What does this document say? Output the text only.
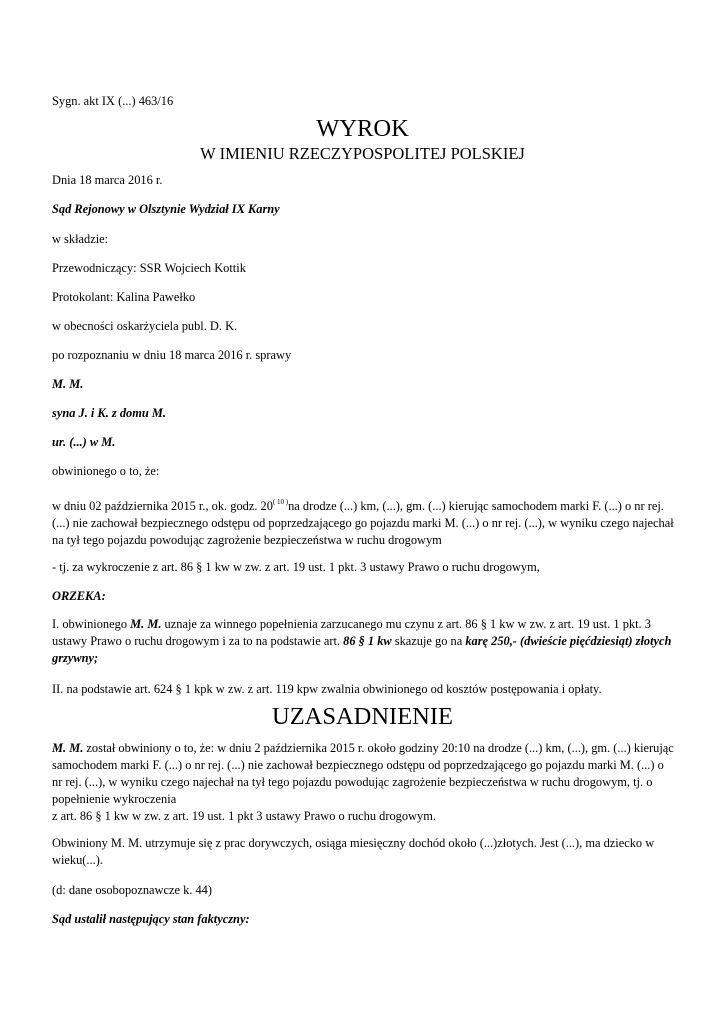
Sygn. akt IX (...) 463/16
WYROK
W IMIENIU RZECZYPOSPOLITEJ POLSKIEJ
Dnia 18 marca 2016 r.
Sąd Rejonowy w Olsztynie Wydział IX Karny
w składzie:
Przewodniczący: SSR Wojciech Kottik
Protokolant: Kalina Pawełko
w obecności oskarżyciela publ. D. K.
po rozpoznaniu w dniu 18 marca 2016 r. sprawy
M. M.
syna J. i K. z domu M.
ur. (...) w M.
obwinionego o to, że:
w dniu 02 października 2015 r., ok. godz. $20^{( 10 )}na$ drodze (...) km, (...), gm. (...) kierując samochodem marki F. (...) o nr rej. (...) nie zachował bezpiecznego odstępu od poprzedzającego go pojazdu marki M. (...) o nr rej. (...), w wyniku czego najechał na tył tego pojazdu powodując zagrożenie bezpieczeństwa w ruchu drogowym
- tj. za wykroczenie z art. 86 § 1 kw w zw. z art. 19 ust. 1 pkt. 3 ustawy Prawo o ruchu drogowym,
ORZEKA:
I. obwinionego M. M. uznaje za winnego popełnienia zarzucanego mu czynu z art. 86 § 1 kw w zw. z art. 19 ust. 1 pkt. 3 ustawy Prawo o ruchu drogowym i za to na podstawie art. 86 § 1 kw skazuje go na karę 250,- (dwieście pięćdziesiąt) złotych grzywny;
II. na podstawie art. 624 § 1 kpk w zw. z art. 119 kpw zwalnia obwinionego od kosztów postępowania i opłaty.
UZASADNIENIE
M. M. został obwiniony o to, że: w dniu 2 października 2015 r. około godziny 20:10 na drodze (...) km, (...), gm. (...) kierując samochodem marki F. (...) o nr rej. (...) nie zachował bezpiecznego odstępu od poprzedzającego go pojazdu marki M. (...) o nr rej. (...), w wyniku czego najechał na tył tego pojazdu powodując zagrożenie bezpieczeństwa w ruchu drogowym, tj. o popełnienie wykroczenia
z art. 86 § 1 kw w zw. z art. 19 ust. 1 pkt 3 ustawy Prawo o ruchu drogowym.
Obwiniony M. M. utrzymuje się z prac dorywczych, osiąga miesięczny dochód około (...)złotych. Jest (...), ma dziecko w wieku(...).
(d: dane osobopoznawcze k. 44)
Sąd ustalił następujący stan faktyczny:
